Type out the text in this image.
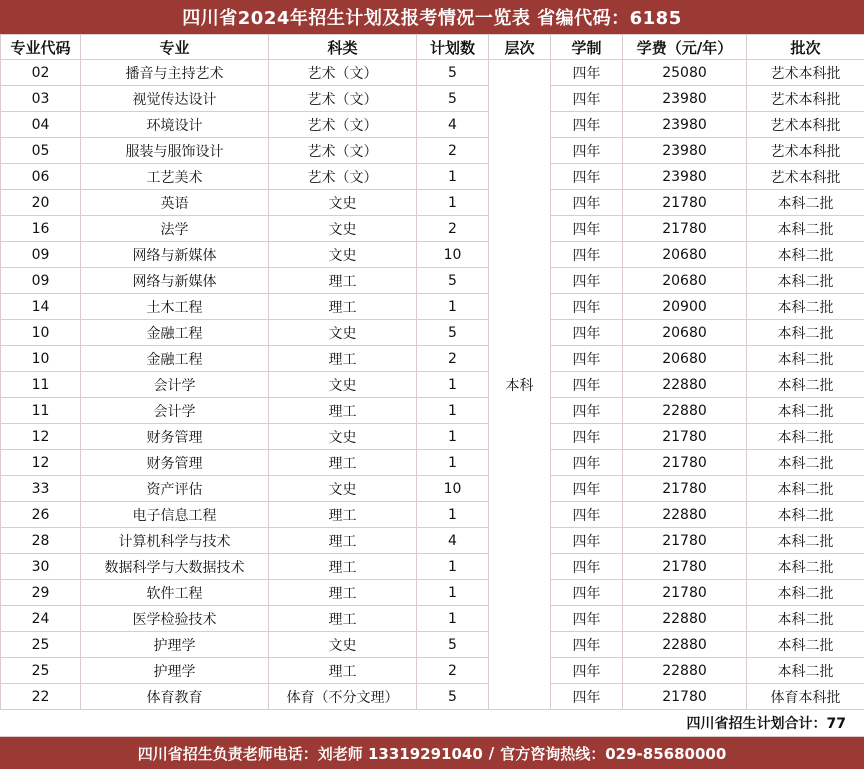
四川省2024年招生计划及报考情况一览表 省编代码：6185
专业代码	专业	科类	计划数	层次	学制	学费（元/年）	批次
02	播音与主持艺术	艺术（文）	5	本科	四年	25080	艺术本科批
03	视觉传达设计	艺术（文）	5		四年	23980	艺术本科批
04	环境设计	艺术（文）	4		四年	23980	艺术本科批
05	服装与服饰设计	艺术（文）	2		四年	23980	艺术本科批
06	工艺美术	艺术（文）	1		四年	23980	艺术本科批
20	英语	文史	1		四年	21780	本科二批
16	法学	文史	2		四年	21780	本科二批
09	网络与新媒体	文史	10		四年	20680	本科二批
09	网络与新媒体	理工	5		四年	20680	本科二批
14	土木工程	理工	1		四年	20900	本科二批
10	金融工程	文史	5		四年	20680	本科二批
10	金融工程	理工	2		四年	20680	本科二批
11	会计学	文史	1		四年	22880	本科二批
11	会计学	理工	1		四年	22880	本科二批
12	财务管理	文史	1		四年	21780	本科二批
12	财务管理	理工	1		四年	21780	本科二批
33	资产评估	文史	10		四年	21780	本科二批
26	电子信息工程	理工	1		四年	22880	本科二批
28	计算机科学与技术	理工	4		四年	21780	本科二批
30	数据科学与大数据技术	理工	1		四年	21780	本科二批
29	软件工程	理工	1		四年	21780	本科二批
24	医学检验技术	理工	1		四年	22880	本科二批
25	护理学	文史	5		四年	22880	本科二批
25	护理学	理工	2		四年	22880	本科二批
22	体育教育	体育（不分文理）	5		四年	21780	体育本科批
四川省招生计划合计：77
四川省招生负责老师电话：刘老师 13319291040 / 官方咨询热线：029-85680000
